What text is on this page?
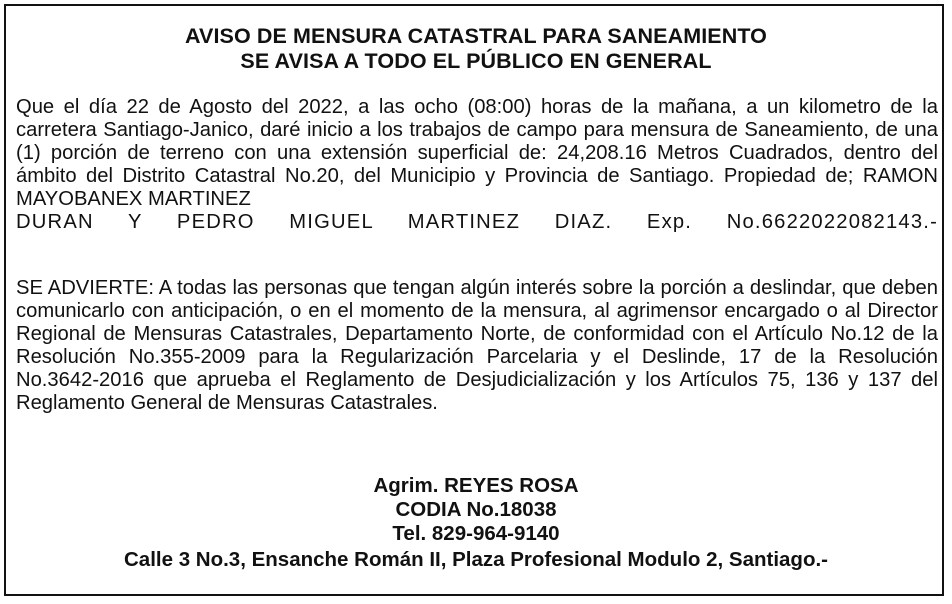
AVISO DE MENSURA CATASTRAL PARA SANEAMIENTO
SE AVISA A TODO EL PÚBLICO EN GENERAL

Que el día 22 de Agosto del 2022, a las ocho (08:00) horas de la mañana, a un kilometro de la carretera Santiago-Janico, daré inicio a los trabajos de campo para mensura de Saneamiento, de una (1) porción de terreno con una extensión superficial de: 24,208.16 Metros Cuadrados, dentro del ámbito del Distrito Catastral No.20, del Municipio y Provincia de Santiago. Propiedad de; RAMON MAYOBANEX MARTINEZ
DURAN Y PEDRO MIGUEL MARTINEZ DIAZ. Exp. No.6622022082143.-

SE ADVIERTE: A todas las personas que tengan algún interés sobre la porción a deslindar, que deben comunicarlo con anticipación, o en el momento de la mensura, al agrimensor encargado o al Director Regional de Mensuras Catastrales, Departamento Norte, de conformidad con el Artículo No.12 de la Resolución No.355-2009 para la Regularización Parcelaria y el Deslinde, 17 de la Resolución No.3642-2016 que aprueba el Reglamento de Desjudicialización y los Artículos 75, 136 y 137 del Reglamento General de Mensuras Catastrales.

Agrim. REYES ROSA
CODIA No.18038
Tel. 829-964-9140
Calle 3 No.3, Ensanche Román II, Plaza Profesional Modulo 2, Santiago.-
